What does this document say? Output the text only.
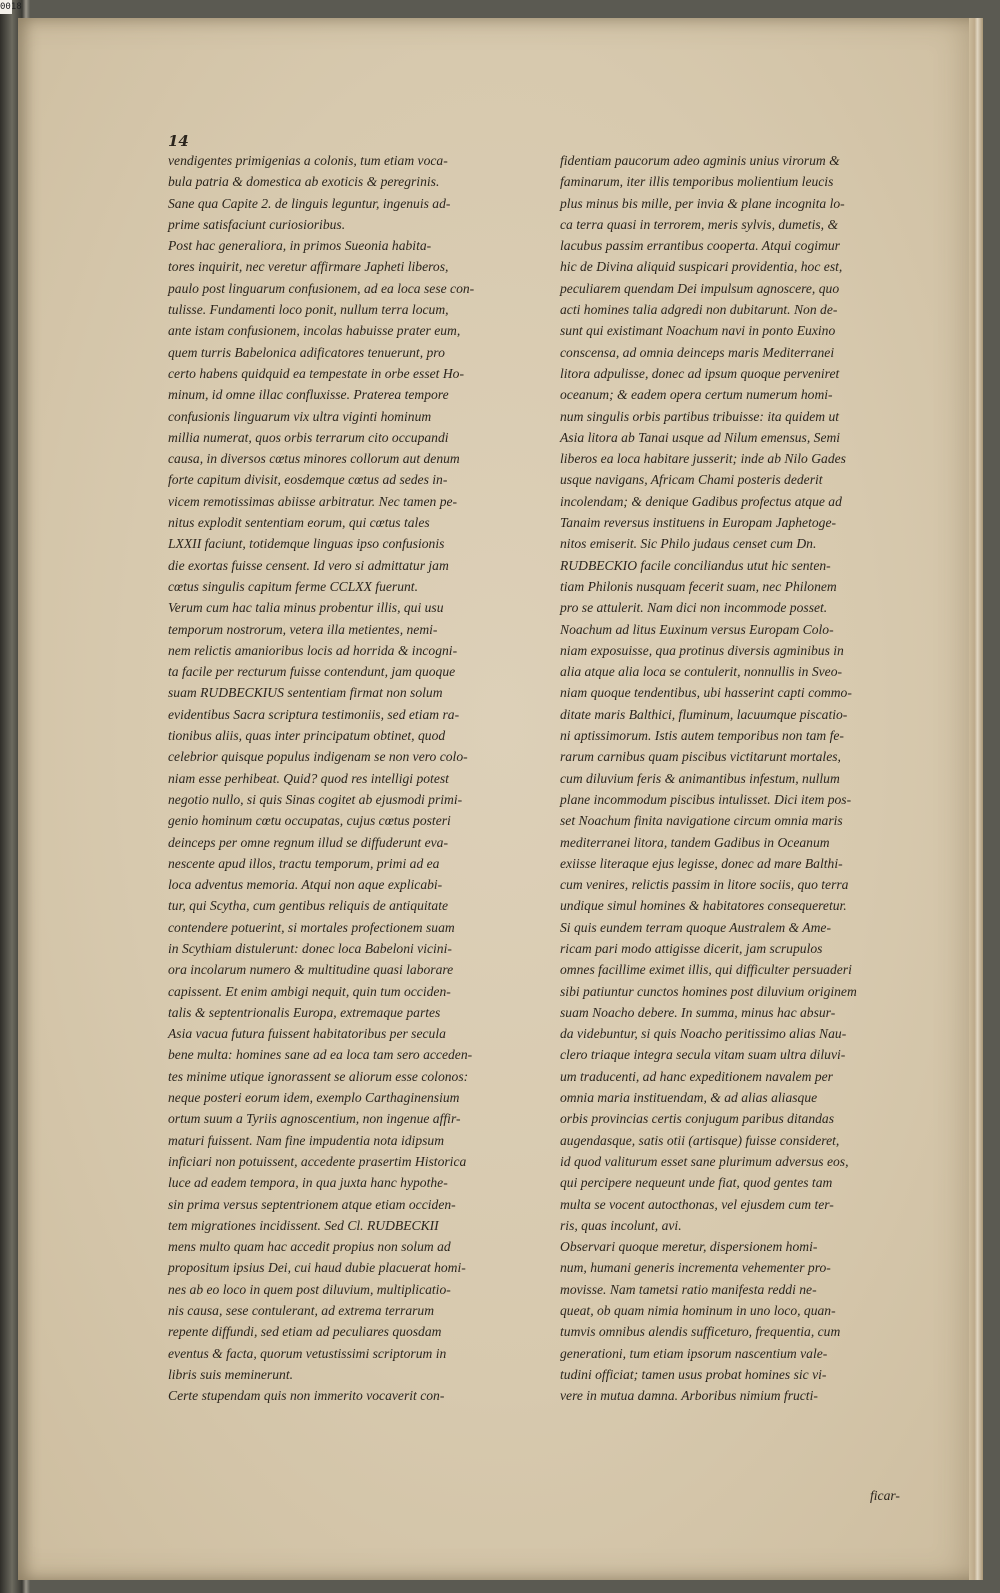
0018
14
vendigentes primigenias a colonis, tum etiam voca-
bula patria & domestica ab exoticis & peregrinis.
Sane qua Capite 2. de linguis leguntur, ingenuis ad-
prime satisfaciunt curiosioribus.
Post hac generaliora, in primos Sueonia habita-
tores inquirit, nec veretur affirmare Japheti liberos,
paulo post linguarum confusionem, ad ea loca sese con-
tulisse. Fundamenti loco ponit, nullum terra locum,
ante istam confusionem, incolas habuisse prater eum,
quem turris Babelonica adificatores tenuerunt, pro
certo habens quidquid ea tempestate in orbe esset Ho-
minum, id omne illac confluxisse. Praterea tempore
confusionis linguarum vix ultra viginti hominum
millia numerat, quos orbis terrarum cito occupandi
causa, in diversos cœtus minores collorum aut denum
forte capitum divisit, eosdemque cœtus ad sedes in-
vicem remotissimas abiisse arbitratur. Nec tamen pe-
nitus explodit sententiam eorum, qui cœtus tales
LXXII faciunt, totidemque linguas ipso confusionis
die exortas fuisse censent. Id vero si admittatur jam
cœtus singulis capitum ferme CCLXX fuerunt.
Verum cum hac talia minus probentur illis, qui usu
temporum nostrorum, vetera illa metientes, nemi-
nem relictis amanioribus locis ad horrida & incogni-
ta facile per recturum fuisse contendunt, jam quoque
suam RUDBECKIUS sententiam firmat non solum
evidentibus Sacra scriptura testimoniis, sed etiam ra-
tionibus aliis, quas inter principatum obtinet, quod
celebrior quisque populus indigenam se non vero colo-
niam esse perhibeat. Quid? quod res intelligi potest
negotio nullo, si quis Sinas cogitet ab ejusmodi primi-
genio hominum cœtu occupatas, cujus cœtus posteri
deinceps per omne regnum illud se diffuderunt eva-
nescente apud illos, tractu temporum, primi ad ea
loca adventus memoria. Atqui non aque explicabi-
tur, qui Scytha, cum gentibus reliquis de antiquitate
contendere potuerint, si mortales profectionem suam
in Scythiam distulerunt: donec loca Babeloni vicini-
ora incolarum numero & multitudine quasi laborare
capissent. Et enim ambigi nequit, quin tum occiden-
talis & septentrionalis Europa, extremaque partes
Asia vacua futura fuissent habitatoribus per secula
bene multa: homines sane ad ea loca tam sero acceden-
tes minime utique ignorassent se aliorum esse colonos:
neque posteri eorum idem, exemplo Carthaginensium
ortum suum a Tyriis agnoscentium, non ingenue affir-
maturi fuissent. Nam fine impudentia nota idipsum
inficiari non potuissent, accedente prasertim Historica
luce ad eadem tempora, in qua juxta hanc hypothe-
sin prima versus septentrionem atque etiam occiden-
tem migrationes incidissent. Sed Cl. RUDBECKII
mens multo quam hac accedit propius non solum ad
propositum ipsius Dei, cui haud dubie placuerat homi-
nes ab eo loco in quem post diluvium, multiplicatio-
nis causa, sese contulerant, ad extrema terrarum
repente diffundi, sed etiam ad peculiares quosdam
eventus & facta, quorum vetustissimi scriptorum in
libris suis meminerunt.
Certe stupendam quis non immerito vocaverit con-
fidentiam paucorum adeo agminis unius virorum &
faminarum, iter illis temporibus molientium leucis
plus minus bis mille, per invia & plane incognita lo-
ca terra quasi in terrorem, meris sylvis, dumetis, &
lacubus passim errantibus cooperta. Atqui cogimur
hic de Divina aliquid suspicari providentia, hoc est,
peculiarem quendam Dei impulsum agnoscere, quo
acti homines talia adgredi non dubitarunt. Non de-
sunt qui existimant Noachum navi in ponto Euxino
conscensa, ad omnia deinceps maris Mediterranei
litora adpulisse, donec ad ipsum quoque perveniret
oceanum; & eadem opera certum numerum homi-
num singulis orbis partibus tribuisse: ita quidem ut
Asia litora ab Tanai usque ad Nilum emensus, Semi
liberos ea loca habitare jusserit; inde ab Nilo Gades
usque navigans, Africam Chami posteris dederit
incolendam; & denique Gadibus profectus atque ad
Tanaim reversus instituens in Europam Japhetoge-
nitos emiserit. Sic Philo judaus censet cum Dn.
RUDBECKIO facile conciliandus utut hic senten-
tiam Philonis nusquam fecerit suam, nec Philonem
pro se attulerit. Nam dici non incommode posset.
Noachum ad litus Euxinum versus Europam Colo-
niam exposuisse, qua protinus diversis agminibus in
alia atque alia loca se contulerit, nonnullis in Sveo-
niam quoque tendentibus, ubi hasserint capti commo-
ditate maris Balthici, fluminum, lacuumque piscatio-
ni aptissimorum. Istis autem temporibus non tam fe-
rarum carnibus quam piscibus victitarunt mortales,
cum diluvium feris & animantibus infestum, nullum
plane incommodum piscibus intulisset. Dici item pos-
set Noachum finita navigatione circum omnia maris
mediterranei litora, tandem Gadibus in Oceanum
exiisse literaque ejus legisse, donec ad mare Balthi-
cum venires, relictis passim in litore sociis, quo terra
undique simul homines & habitatores consequeretur.
Si quis eundem terram quoque Australem & Ame-
ricam pari modo attigisse dicerit, jam scrupulos
omnes facillime eximet illis, qui difficulter persuaderi
sibi patiuntur cunctos homines post diluvium originem
suam Noacho debere. In summa, minus hac absur-
da videbuntur, si quis Noacho peritissimo alias Nau-
clero triaque integra secula vitam suam ultra diluvi-
um traducenti, ad hanc expeditionem navalem per
omnia maria instituendam, & ad alias aliasque
orbis provincias certis conjugum paribus ditandas
augendasque, satis otii (artisque) fuisse consideret,
id quod valiturum esset sane plurimum adversus eos,
qui percipere nequeunt unde fiat, quod gentes tam
multa se vocent autocthonas, vel ejusdem cum ter-
ris, quas incolunt, avi.
Observari quoque meretur, dispersionem homi-
num, humani generis incrementa vehementer pro-
movisse. Nam tametsi ratio manifesta reddi ne-
queat, ob quam nimia hominum in uno loco, quan-
tumvis omnibus alendis sufficeturo, frequentia, cum
generationi, tum etiam ipsorum nascentium vale-
tudini officiat; tamen usus probat homines sic vi-
vere in mutua damna. Arboribus nimium fructi-
ficar-
